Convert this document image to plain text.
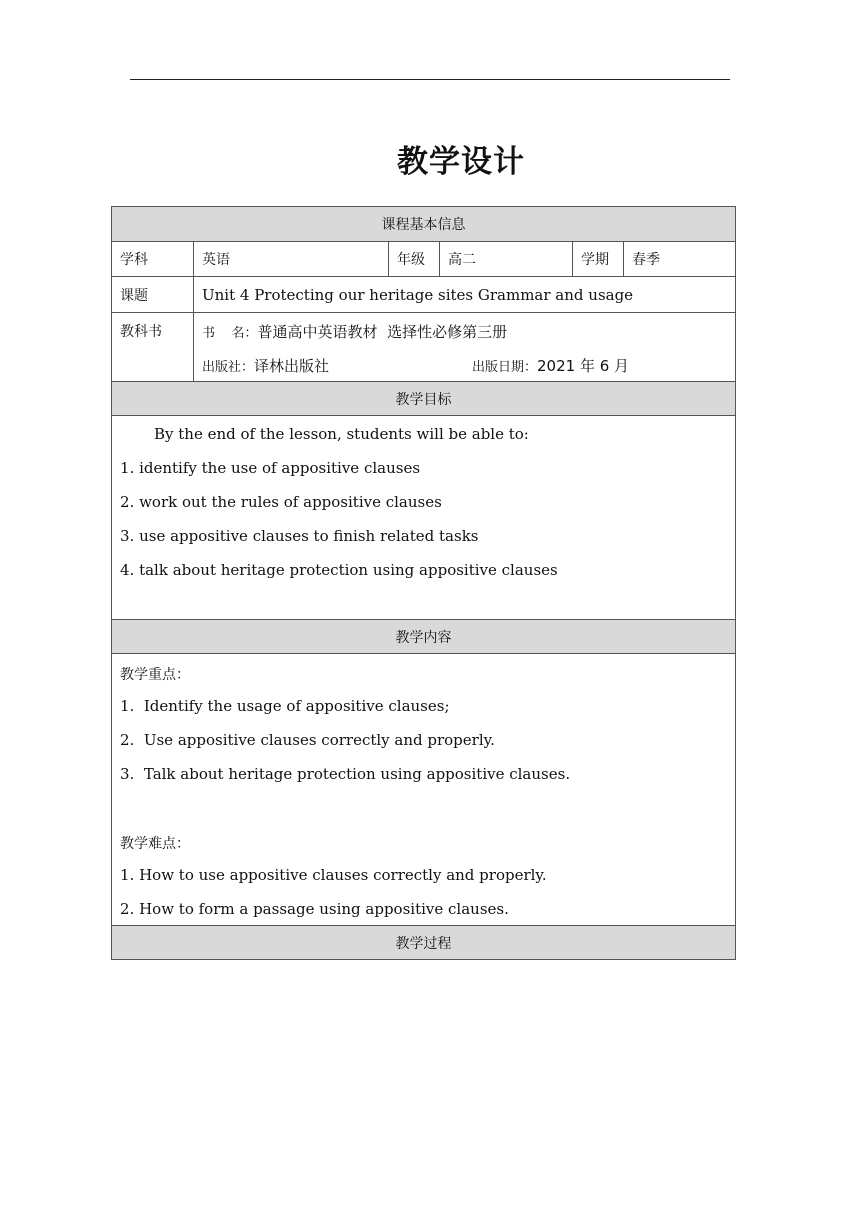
教学设计
课程基本信息
学科	英语	年级	高二	学期	春季
课题	Unit 4 Protecting our heritage sites Grammar and usage
教科书	书    名：普通高中英语教材  选择性必修第三册
出版社：译林出版社	出版日期：2021 年 6 月
教学目标
By the end of the lesson, students will be able to:
1. identify the use of appositive clauses
2. work out the rules of appositive clauses
3. use appositive clauses to finish related tasks
4. talk about heritage protection using appositive clauses
教学内容
教学重点：
1.  Identify the usage of appositive clauses;
2.  Use appositive clauses correctly and properly.
3.  Talk about heritage protection using appositive clauses.
教学难点：
1. How to use appositive clauses correctly and properly.
2. How to form a passage using appositive clauses.
教学过程
